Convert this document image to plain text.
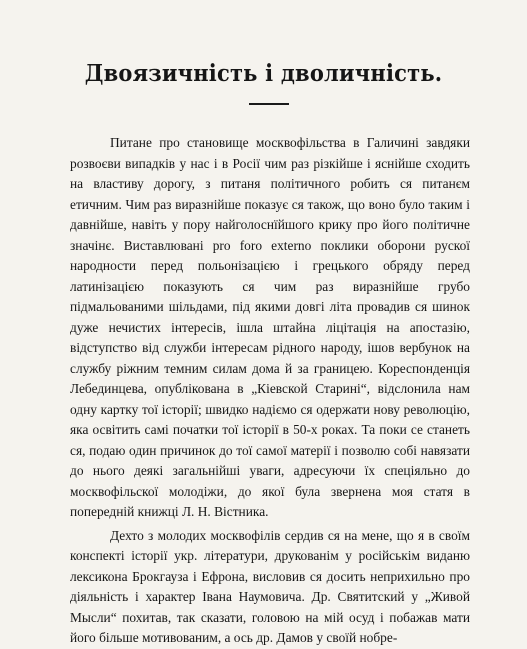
Двоязичність і дволичність.

Питане про становище москвофільства в Галичині завдяки розвоєви випадків у нас і в Росії чим раз різкійше і яснійше сходить на властиву дорогу, з питаня політичного робить ся питанєм етичним. Чим раз виразнійше показує ся також, що воно було таким і давнійше, навіть у пору найголоснїйшого крику про його політичне значінє. Виставлювані pro foro externo поклики оборони рускої народности перед польонізацією і грецького обряду перед латинізацією показують ся чим раз виразнійше грубо підмальованими шільдами, під якими довгі літа провадив ся шинок дуже нечистих інтересів, ішла штайна ліцітація на апостазію, відступство від служби інтересам рідного народу, ішов вербунок на службу ріжним темним силам дома й за границею. Кореспонденція Лебединцева, опублікована в „Кіевской Старині“, відслонила нам одну картку тої історії; швидко надіємо ся одержати нову революцію, яка освітить самі початки тої історії в 50-х роках. Та поки се станеть ся, подаю один причинок до тої самої матерії і позволю собі навязати до нього деякі загальнійші уваги, адресуючи їх спеціяльно до москвофільскої молодіжи, до якої була звернена моя статя в попередній книжці Л. Н. Вістника.

Дехто з молодих москвофілів сердив ся на мене, що я в своїм конспекті історії укр. літератури, друкованім у російськім виданю лексикона Брокгауза і Ефрона, висловив ся досить неприхильно про діяльність і характер Івана Наумовича. Др. Святитский у „Живой Мысли“ похитав, так сказати, головою на мій осуд і побажав мати його більше мотивованим, а ось др. Дамов у своїй нобре-
